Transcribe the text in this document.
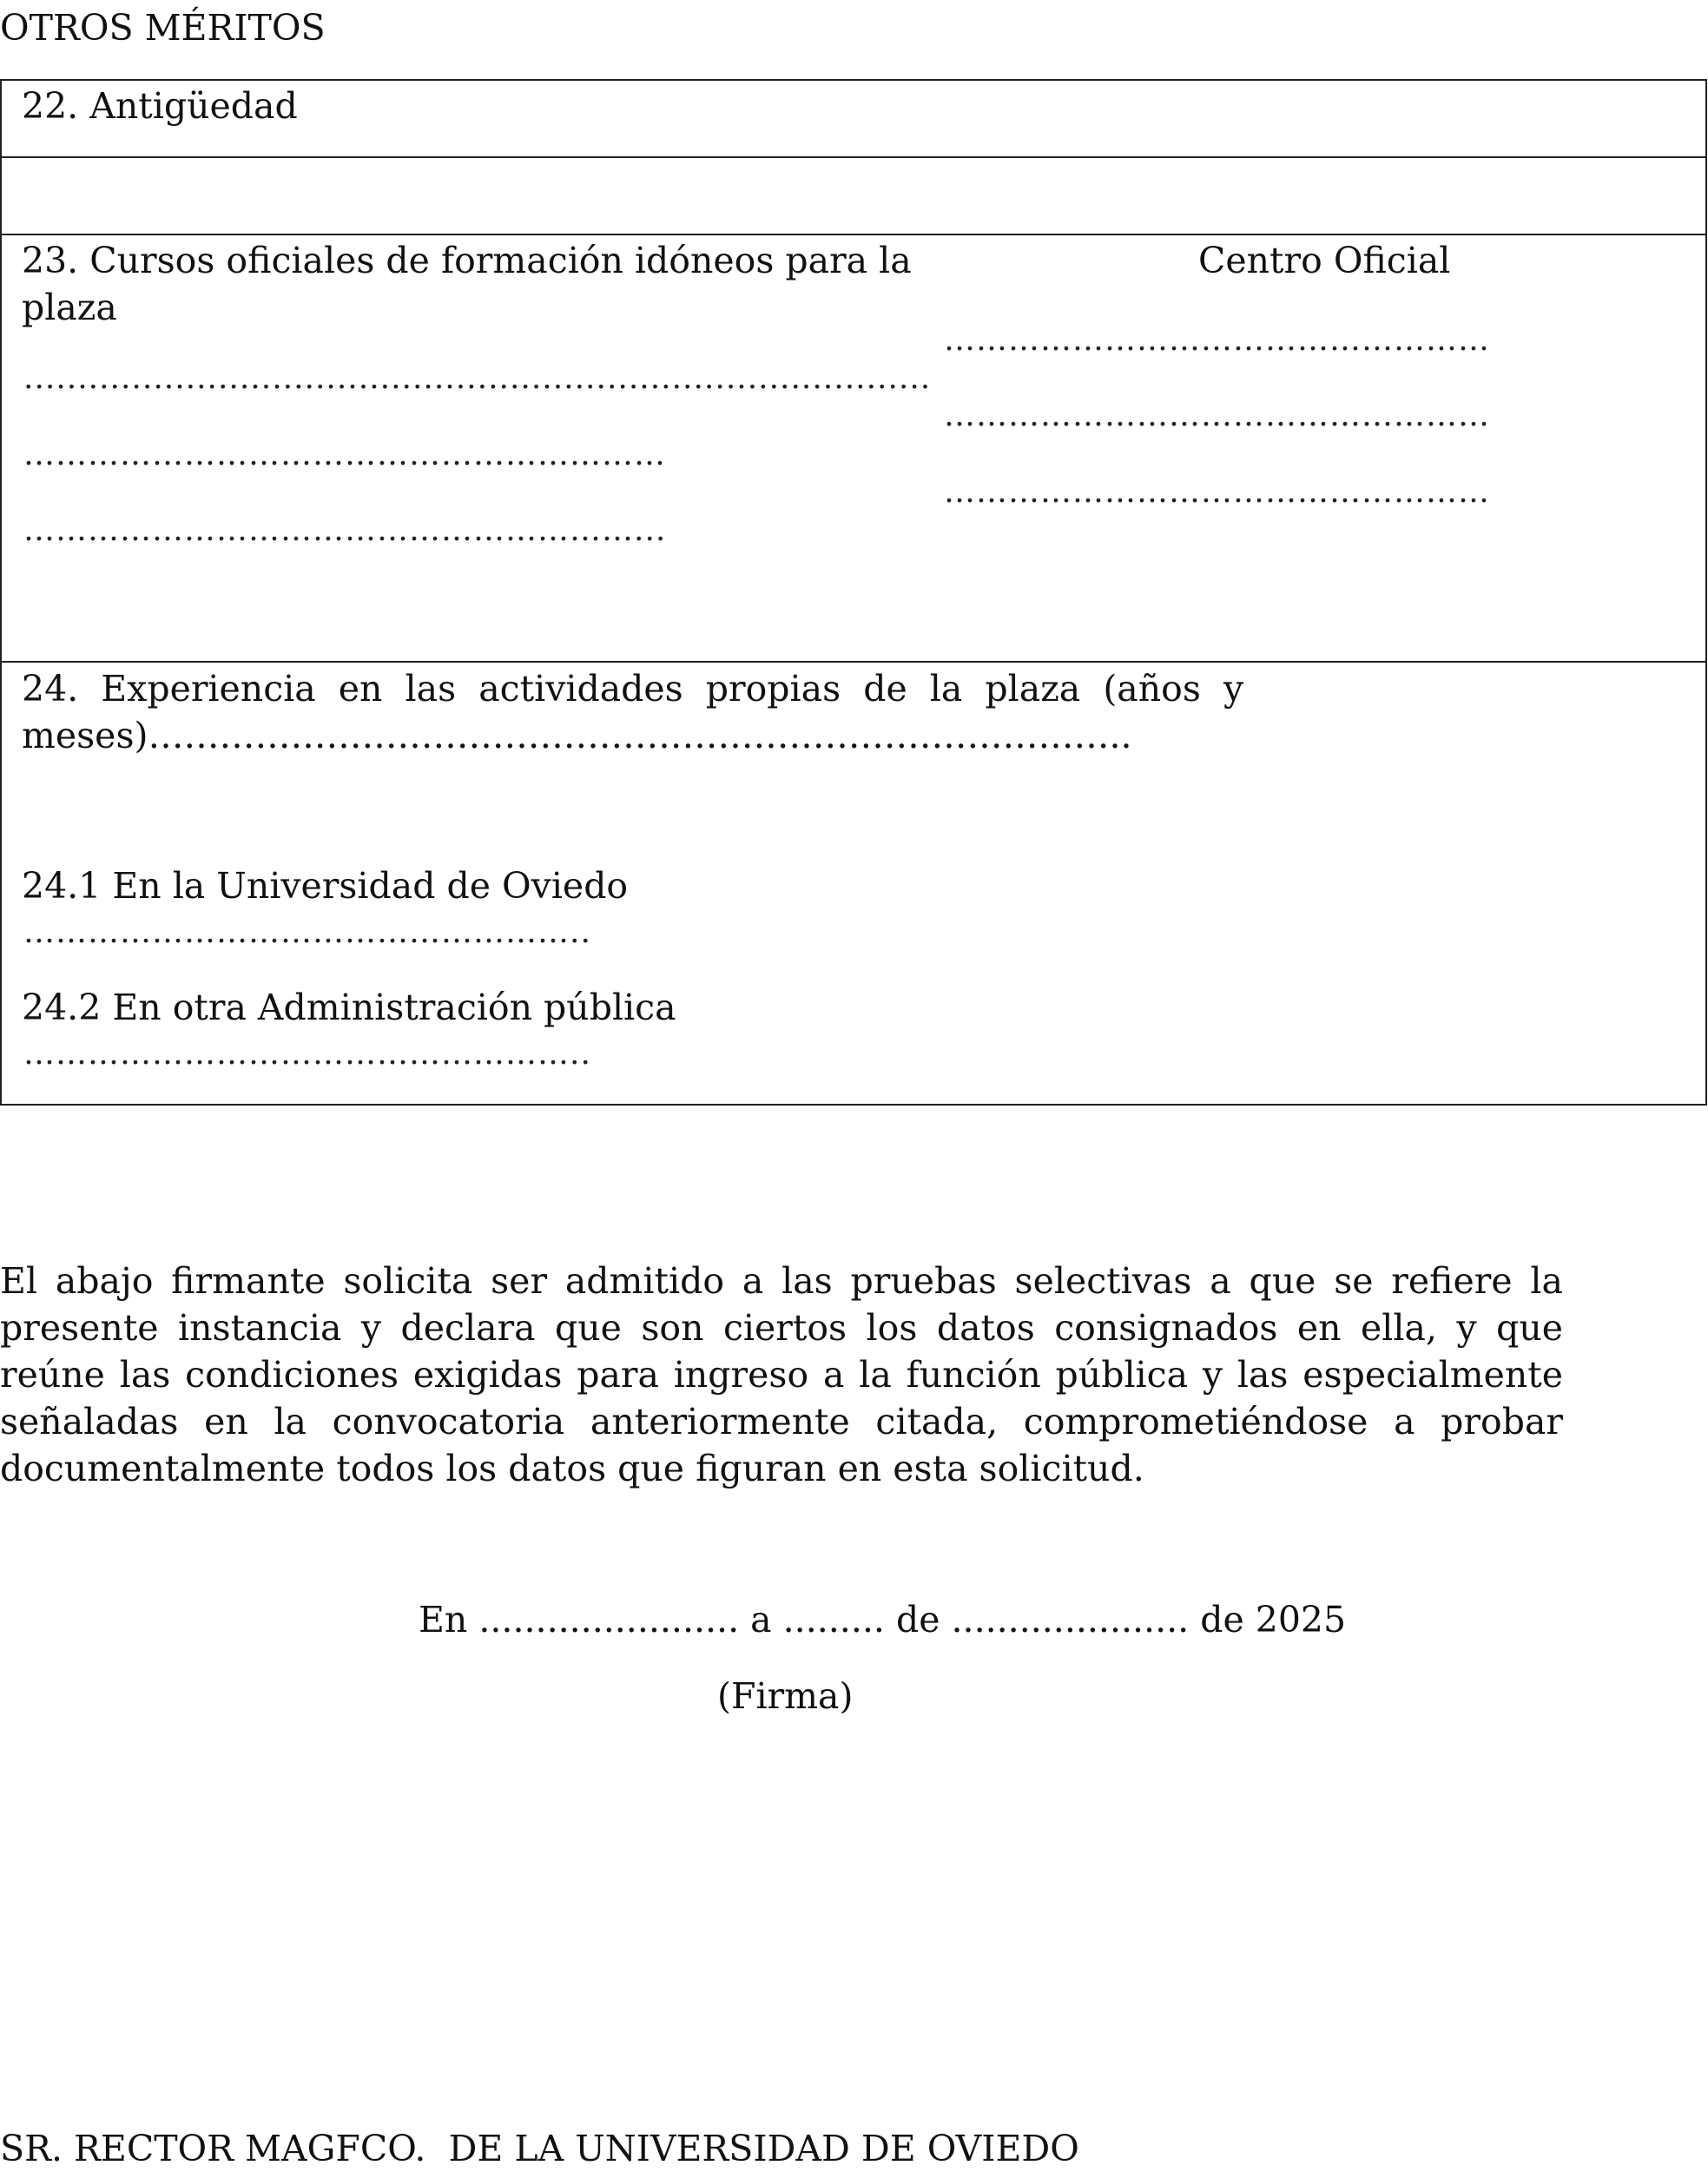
OTROS MÉRITOS
22. Antigüedad
23. Cursos oficiales de formación idóneos para la
plaza
Centro Oficial
....................................................................................
……………………………………………………
…………………………………………………...
……………………………………………
……………………………………………
……………………………………………
24.  Experiencia  en  las  actividades  propias  de  la  plaza  (años  y
meses)………………………………………………………………………..
24.1 En la Universidad de Oviedo
……………………………………………..
24.2 En otra Administración pública
……………………………………………..
El abajo firmante solicita ser admitido a las pruebas selectivas a que se refiere la presente instancia y declara que son ciertos los datos consignados en ella, y que reúne las condiciones exigidas para ingreso a la función pública y las especialmente señaladas en la convocatoria anteriormente citada, comprometiéndose a probar documentalmente todos los datos que figuran en esta solicitud.
En ....................... a ......... de ..................... de 2025
(Firma)
SR. RECTOR MAGFCO.  DE LA UNIVERSIDAD DE OVIEDO
